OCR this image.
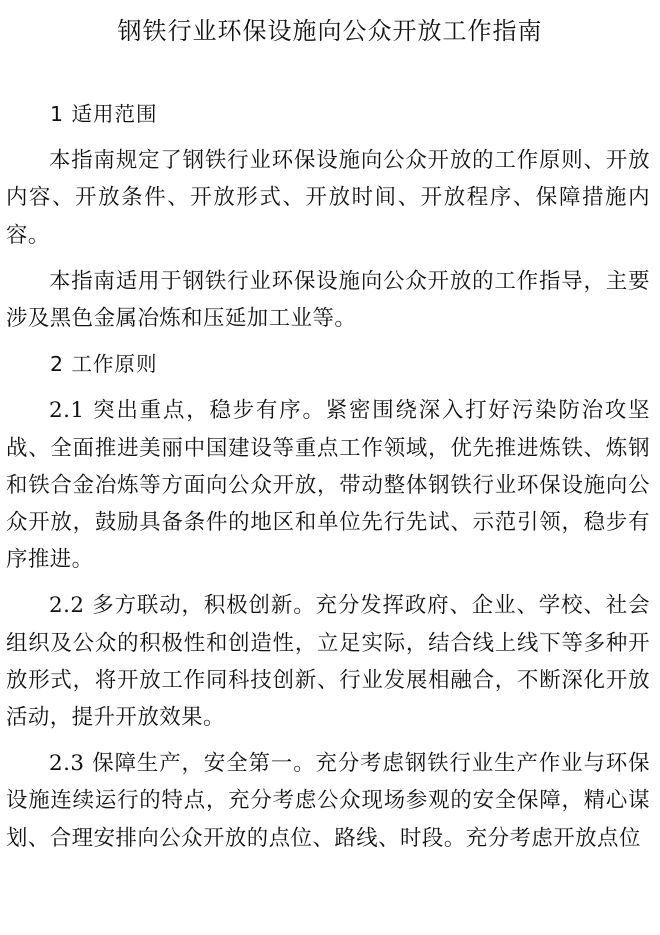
钢铁行业环保设施向公众开放工作指南
1 适用范围

本指南规定了钢铁行业环保设施向公众开放的工作原则、开放内容、开放条件、开放形式、开放时间、开放程序、保障措施内容。

本指南适用于钢铁行业环保设施向公众开放的工作指导，主要涉及黑色金属冶炼和压延加工业等。

2 工作原则

2.1 突出重点，稳步有序。紧密围绕深入打好污染防治攻坚战、全面推进美丽中国建设等重点工作领域，优先推进炼铁、炼钢和铁合金冶炼等方面向公众开放，带动整体钢铁行业环保设施向公众开放，鼓励具备条件的地区和单位先行先试、示范引领，稳步有序推进。

2.2 多方联动，积极创新。充分发挥政府、企业、学校、社会组织及公众的积极性和创造性，立足实际，结合线上线下等多种开放形式，将开放工作同科技创新、行业发展相融合，不断深化开放活动，提升开放效果。

2.3 保障生产，安全第一。充分考虑钢铁行业生产作业与环保设施连续运行的特点，充分考虑公众现场参观的安全保障，精心谋划、合理安排向公众开放的点位、路线、时段。充分考虑开放点位
